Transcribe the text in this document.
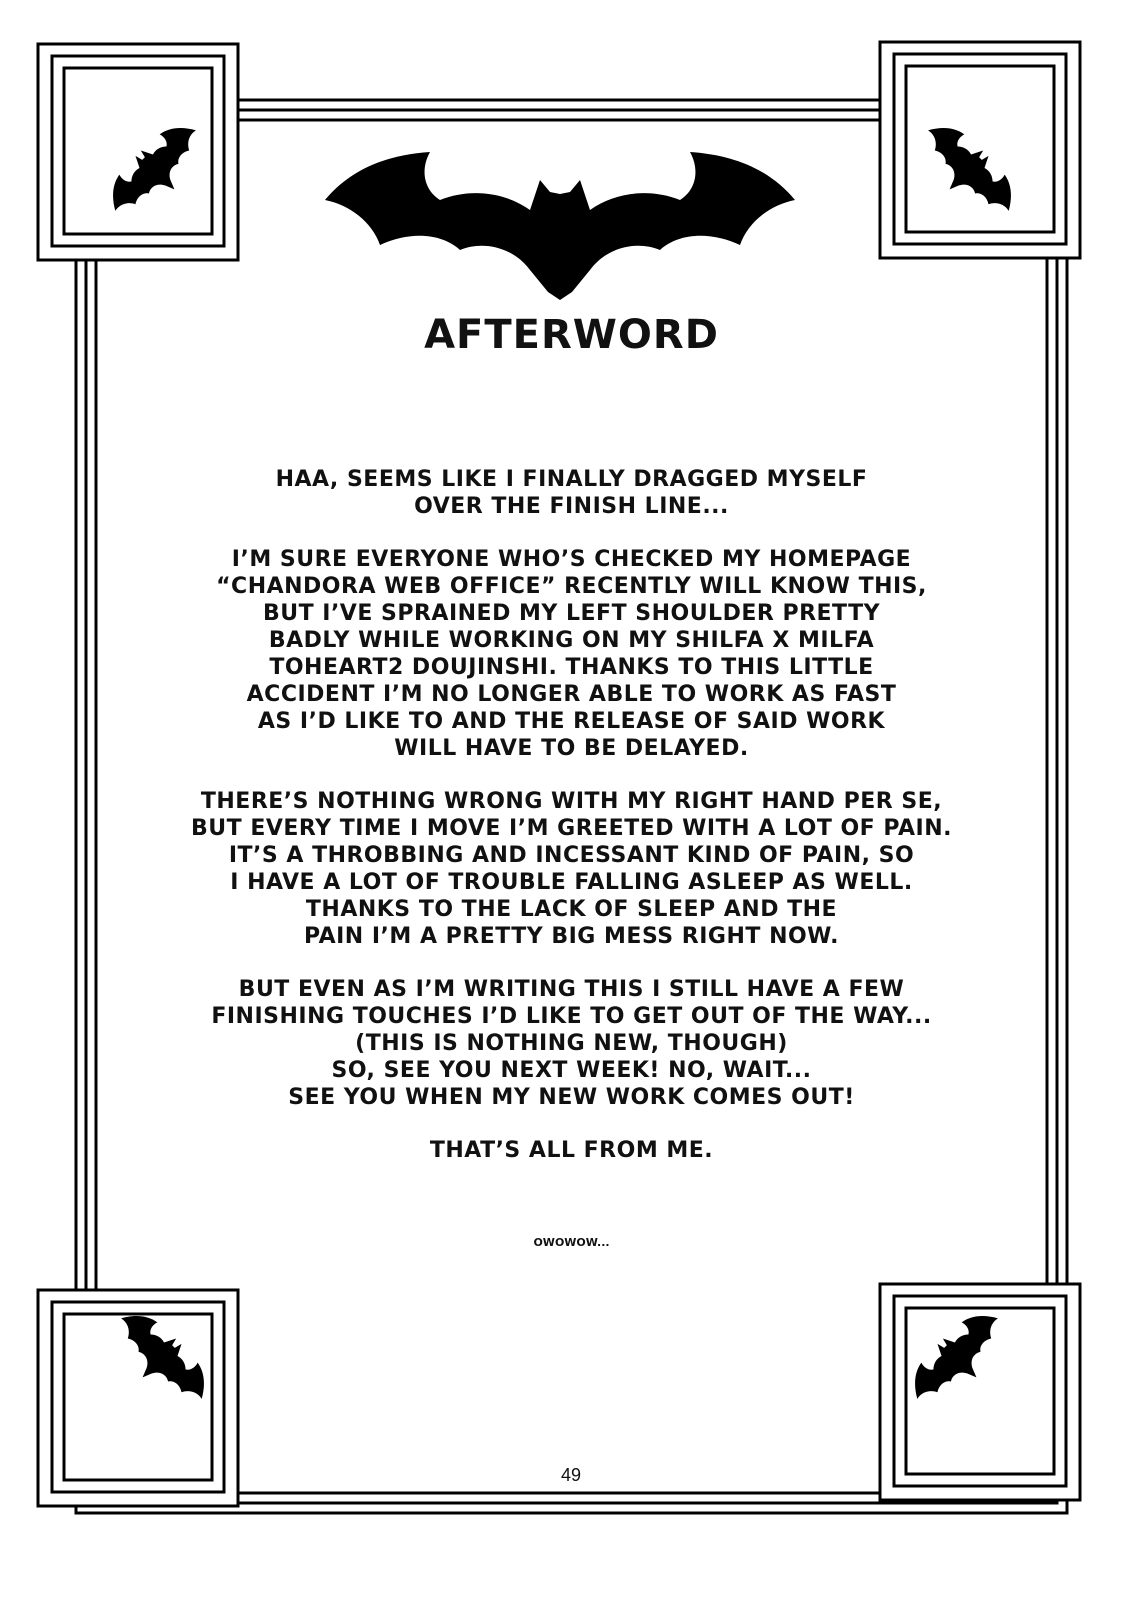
AFTERWORD
HAA, SEEMS LIKE I FINALLY DRAGGED MYSELF
OVER THE FINISH LINE...
I’M SURE EVERYONE WHO’S CHECKED MY HOMEPAGE
“CHANDORA WEB OFFICE” RECENTLY WILL KNOW THIS,
BUT I’VE SPRAINED MY LEFT SHOULDER PRETTY
BADLY WHILE WORKING ON MY SHILFA X MILFA
TOHEART2 DOUJINSHI. THANKS TO THIS LITTLE
ACCIDENT I’M NO LONGER ABLE TO WORK AS FAST
AS I’D LIKE TO AND THE RELEASE OF SAID WORK
WILL HAVE TO BE DELAYED.
THERE’S NOTHING WRONG WITH MY RIGHT HAND PER SE,
BUT EVERY TIME I MOVE I’M GREETED WITH A LOT OF PAIN.
IT’S A THROBBING AND INCESSANT KIND OF PAIN, SO
I HAVE A LOT OF TROUBLE FALLING ASLEEP AS WELL.
THANKS TO THE LACK OF SLEEP AND THE
PAIN I’M A PRETTY BIG MESS RIGHT NOW.
BUT EVEN AS I’M WRITING THIS I STILL HAVE A FEW
FINISHING TOUCHES I’D LIKE TO GET OUT OF THE WAY...
(THIS IS NOTHING NEW, THOUGH)
SO, SEE YOU NEXT WEEK! NO, WAIT...
SEE YOU WHEN MY NEW WORK COMES OUT!
THAT’S ALL FROM ME.
OWOWOW...
49
